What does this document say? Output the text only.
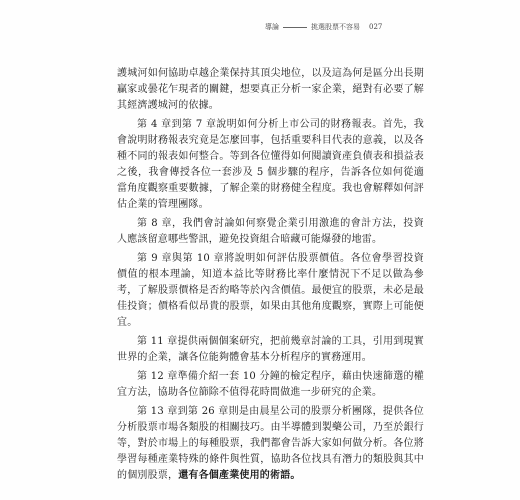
導論	挑選股票不容易 027

護城河如何協助卓越企業保持其頂尖地位，以及這為何是區分出長期贏家或曇花乍現者的關鍵，想要真正分析一家企業，絕對有必要了解其經濟護城河的依據。

第 4 章到第 7 章說明如何分析上市公司的財務報表。首先，我會說明財務報表究竟是怎麼回事，包括重要科目代表的意義，以及各種不同的報表如何整合。等到各位懂得如何閱讀資產負債表和損益表之後，我會傳授各位一套涉及 5 個步驟的程序，告訴各位如何從適當角度觀察重要數據，了解企業的財務健全程度。我也會解釋如何評估企業的管理團隊。

第 8 章，我們會討論如何察覺企業引用激進的會計方法，投資人應該留意哪些警訊，避免投資組合暗藏可能爆發的地雷。

第 9 章與第 10 章將說明如何評估股票價值。各位會學習投資價值的根本理論，知道本益比等財務比率什麼情況下不足以做為參考，了解股票價格是否約略等於內含價值。最便宜的股票，未必是最佳投資；價格看似昂貴的股票，如果由其他角度觀察，實際上可能便宜。

第 11 章提供兩個個案研究，把前幾章討論的工具，引用到現實世界的企業，讓各位能夠體會基本分析程序的實務運用。

第 12 章準備介紹一套 10 分鐘的檢定程序，藉由快速篩選的權宜方法，協助各位篩除不值得花時間做進一步研究的企業。

第 13 章到第 26 章則是由晨星公司的股票分析團隊，提供各位分析股票市場各類股的相關技巧。由半導體到製藥公司，乃至於銀行等，對於市場上的每種股票，我們都會告訴大家如何做分析。各位將學習每種產業特殊的條件與性質，協助各位找具有潛力的類股與其中的個別股票，還有各個產業使用的術語。
